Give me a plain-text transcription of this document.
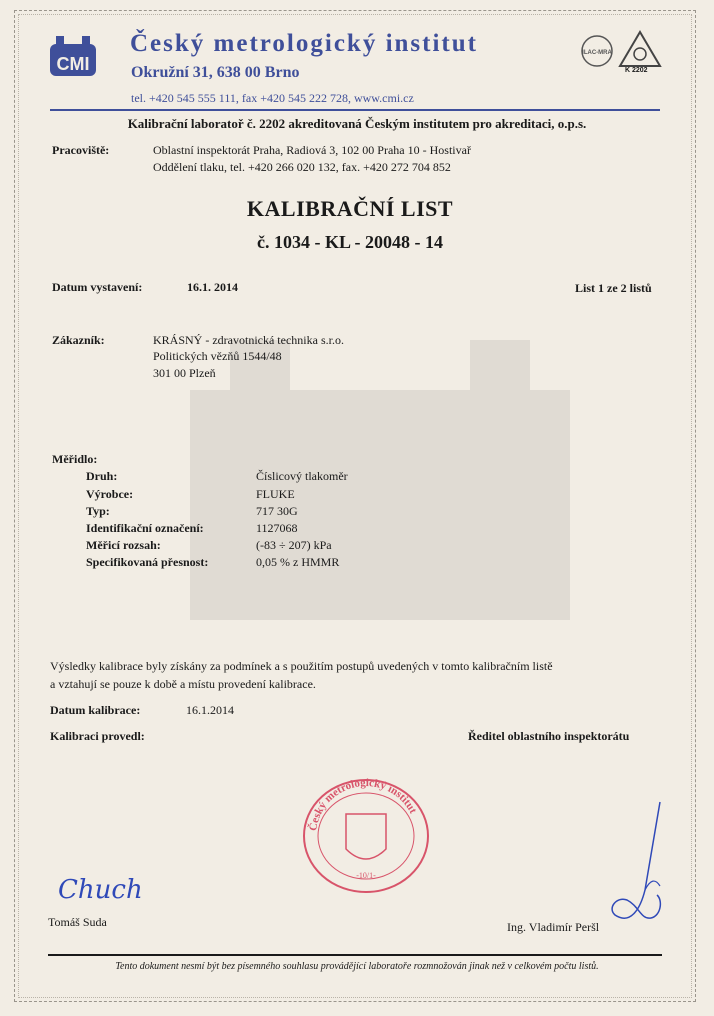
CMI
Český metrologický institut
Okružní 31, 638 00 Brno
tel. +420 545 555 111, fax +420 545 222 728, www.cmi.cz
ILAC-MRA
K 2202
Kalibrační laboratoř č. 2202 akreditovaná Českým institutem pro akreditaci, o.p.s.
Pracoviště:	Oblastní inspektorát Praha, Radiová 3, 102 00 Praha 10 - Hostivař
Oddělení tlaku, tel. +420 266 020 132, fax. +420 272 704 852
KALIBRAČNÍ LIST
č. 1034 - KL - 20048 - 14
Datum vystavení:	16.1. 2014	List 1 ze 2 listů
Zákazník:	KRÁSNÝ - zdravotnická technika s.r.o.
Politických vězňů 1544/48
301 00 Plzeň
Měřidlo:
Druh:	Číslicový tlakoměr
Výrobce:	FLUKE
Typ:	717 30G
Identifikační označení:	1127068
Měřicí rozsah:	(-83 ÷ 207) kPa
Specifikovaná přesnost:	0,05 % z HMMR
Výsledky kalibrace byly získány za podmínek a s použitím postupů uvedených v tomto kalibračním listě
a vztahují se pouze k době a místu provedení kalibrace.
Datum kalibrace:	16.1.2014
Kalibraci provedl:	Ředitel oblastního inspektorátu
Český metrologický institut
-10/1-
Chuch
Tomáš Suda	Ing. Vladimír Peršl
Tento dokument nesmí být bez písemného souhlasu provádějící laboratoře rozmnožován jinak než v celkovém počtu listů.
